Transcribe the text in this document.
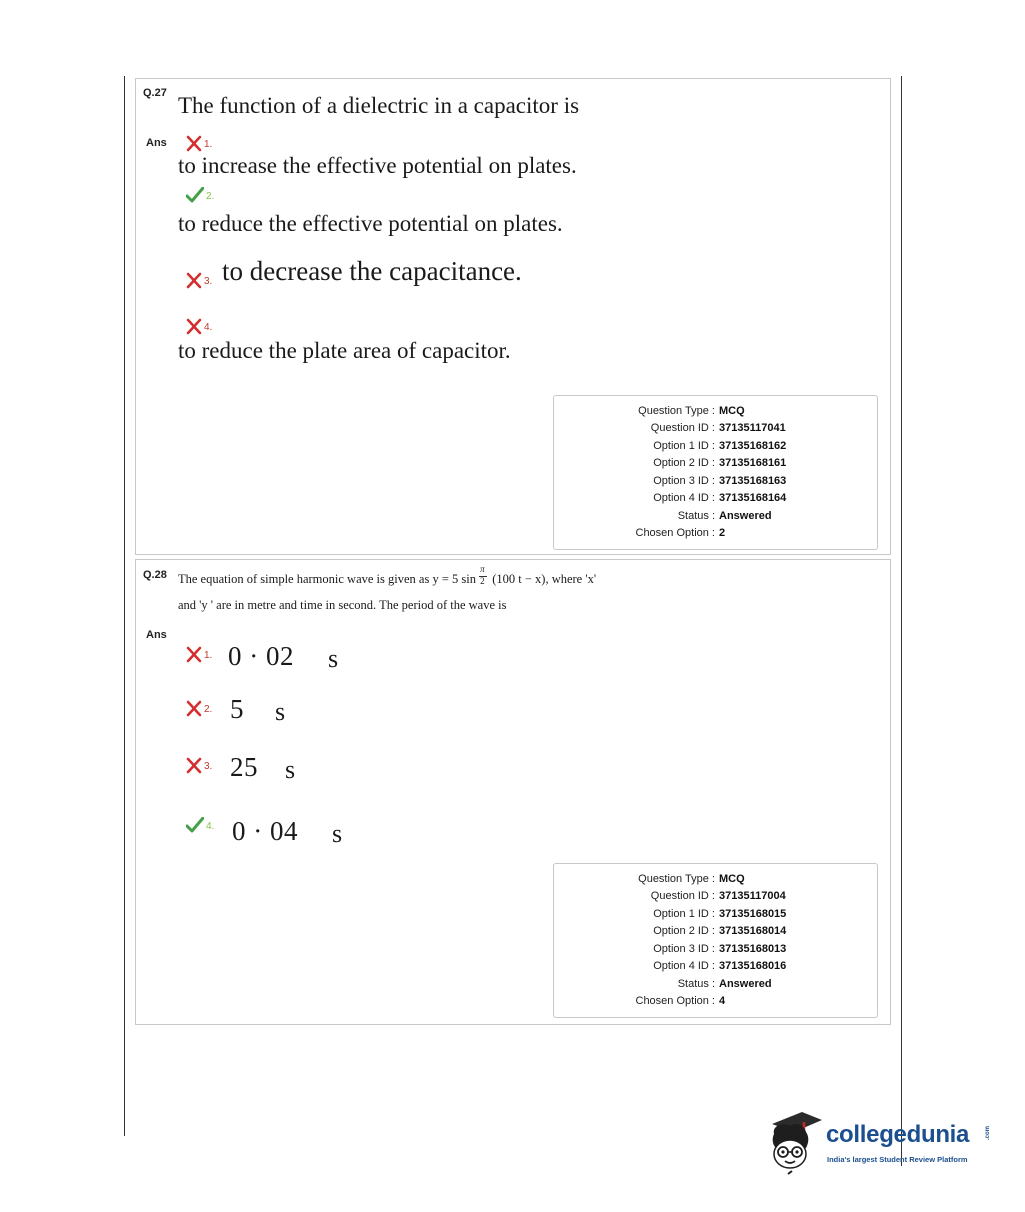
Q.27 The function of a dielectric in a capacitor is
Ans	1.
to increase the effective potential on plates.
2.
to reduce the effective potential on plates.
3. to decrease the capacitance.
4.
to reduce the plate area of capacitor.
Question Type : MCQ
Question ID : 37135117041
Option 1 ID : 37135168162
Option 2 ID : 37135168161
Option 3 ID : 37135168163
Option 4 ID : 37135168164
Status : Answered
Chosen Option : 2
Q.28 The equation of simple harmonic wave is given as y = 5 $\sin \frac{\pi}{2} (100$ t − x), where 'x'
and 'y ' are in metre and time in second. The period of the wave is
Ans
1. 0 · 02 s
2. 5 s
3. 25 s
4. 0 · 04 s
Question Type : MCQ
Question ID : 37135117004
Option 1 ID : 37135168015
Option 2 ID : 37135168014
Option 3 ID : 37135168013
Option 4 ID : 37135168016
Status : Answered
Chosen Option : 4
collegedunia	.com
India's largest Student Review Platform
